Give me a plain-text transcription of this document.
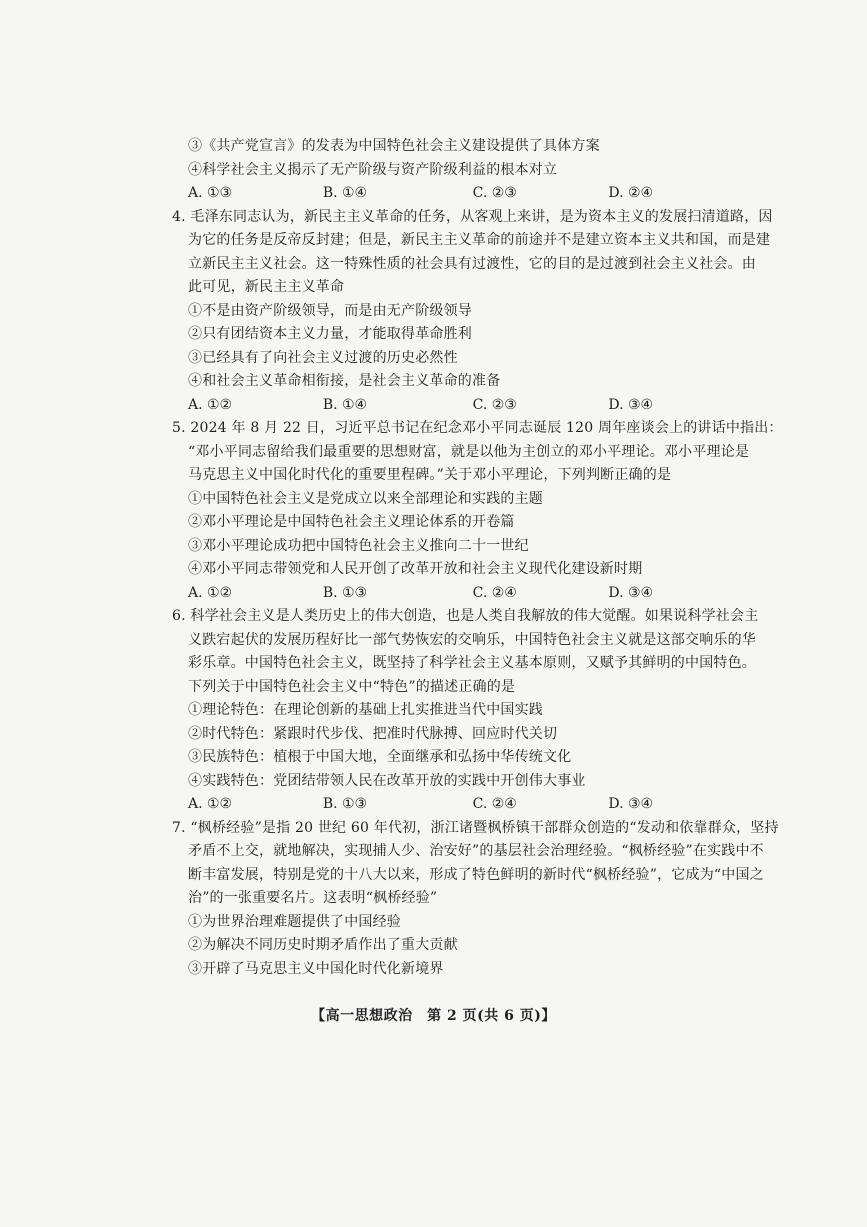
③《共产党宣言》的发表为中国特色社会主义建设提供了具体方案
④科学社会主义揭示了无产阶级与资产阶级利益的根本对立
A. ①③	B. ①④	C. ②③	D. ②④
4. 毛泽东同志认为，新民主主义革命的任务，从客观上来讲，是为资本主义的发展扫清道路，因
为它的任务是反帝反封建；但是，新民主主义革命的前途并不是建立资本主义共和国，而是建
立新民主主义社会。这一特殊性质的社会具有过渡性，它的目的是过渡到社会主义社会。由
此可见，新民主主义革命
①不是由资产阶级领导，而是由无产阶级领导
②只有团结资本主义力量，才能取得革命胜利
③已经具有了向社会主义过渡的历史必然性
④和社会主义革命相衔接，是社会主义革命的准备
A. ①②	B. ①④	C. ②③	D. ③④
5. 2024 年 8 月 22 日，习近平总书记在纪念邓小平同志诞辰 120 周年座谈会上的讲话中指出：
“邓小平同志留给我们最重要的思想财富，就是以他为主创立的邓小平理论。邓小平理论是
马克思主义中国化时代化的重要里程碑。”关于邓小平理论，下列判断正确的是
①中国特色社会主义是党成立以来全部理论和实践的主题
②邓小平理论是中国特色社会主义理论体系的开卷篇
③邓小平理论成功把中国特色社会主义推向二十一世纪
④邓小平同志带领党和人民开创了改革开放和社会主义现代化建设新时期
A. ①②	B. ①③	C. ②④	D. ③④
6. 科学社会主义是人类历史上的伟大创造，也是人类自我解放的伟大觉醒。如果说科学社会主
义跌宕起伏的发展历程好比一部气势恢宏的交响乐，中国特色社会主义就是这部交响乐的华
彩乐章。中国特色社会主义，既坚持了科学社会主义基本原则，又赋予其鲜明的中国特色。
下列关于中国特色社会主义中“特色”的描述正确的是
①理论特色：在理论创新的基础上扎实推进当代中国实践
②时代特色：紧跟时代步伐、把准时代脉搏、回应时代关切
③民族特色：植根于中国大地，全面继承和弘扬中华传统文化
④实践特色：党团结带领人民在改革开放的实践中开创伟大事业
A. ①②	B. ①③	C. ②④	D. ③④
7. “枫桥经验”是指 20 世纪 60 年代初，浙江诸暨枫桥镇干部群众创造的“发动和依靠群众，坚持
矛盾不上交，就地解决，实现捕人少、治安好”的基层社会治理经验。“枫桥经验”在实践中不
断丰富发展，特别是党的十八大以来，形成了特色鲜明的新时代“枫桥经验”，它成为“中国之
治”的一张重要名片。这表明“枫桥经验”
①为世界治理难题提供了中国经验
②为解决不同历史时期矛盾作出了重大贡献
③开辟了马克思主义中国化时代化新境界
【高一思想政治　第 2 页(共 6 页)】
